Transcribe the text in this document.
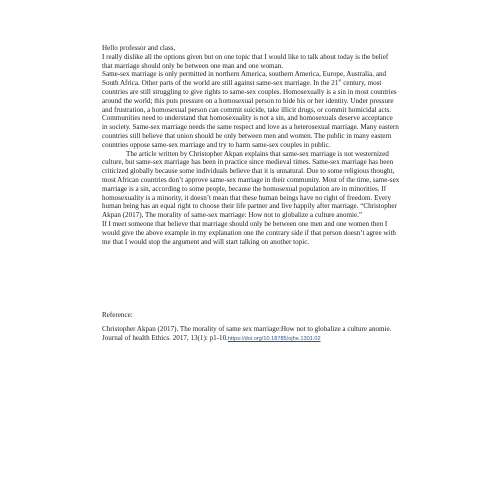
Hello professor and class,

I really dislike all the options given but on one topic that I would like to talk about today is the belief that marriage should only be between one man and one woman.

Same-sex marriage is only permitted in northern America, southern America, Europe, Australia, and South Africa. Other parts of the world are still against same-sex marriage. In the 21st century, most countries are still struggling to give rights to same-sex couples. Homosexually is a sin in most countries around the world; this puts pressure on a homosexual person to hide his or her identity. Under pressure and frustration, a homosexual person can commit suicide, take illicit drugs, or commit homicidal acts. Communities need to understand that homosexuality is not a sin, and homosexuals deserve acceptance in society. Same-sex marriage needs the same respect and love as a heterosexual marriage. Many eastern countries still believe that union should be only between men and women. The public in many eastern countries oppose same-sex marriage and try to harm same-sex couples in public.

The article written by Christopher Akpan explains that same-sex marriage is not westernized culture, but same-sex marriage has been in practice since medieval times. Same-sex marriage has been criticized globally because some individuals believe that it is unnatural. Due to some religious thought, most African countries don’t approve same-sex marriage in their community. Most of the time, same-sex marriage is a sin, according to some people, because the homosexual population are in minorities. If homosexuality is a minority, it doesn’t mean that these human beings have no right of freedom. Every human being has an equal right to choose their life partner and live happily after marriage. “Christopher Akpan (2017), The morality of same-sex marriage: How not to globalize a culture anomie.”

If I meet someone that believe that marriage should only be between one men and one women then I would give the above example in my explanation one the contrary side if that person doesn’t agree with me that I would stop the argument and will start talking on another topic.

Reference:

Christopher Akpan (2017). The morality of same sex marriage:How not to globalize a culture anomie. Journal of health Ethics. 2017, 13(1): p1-10.https://doi.org/10.18785/ojhe.1301.02
